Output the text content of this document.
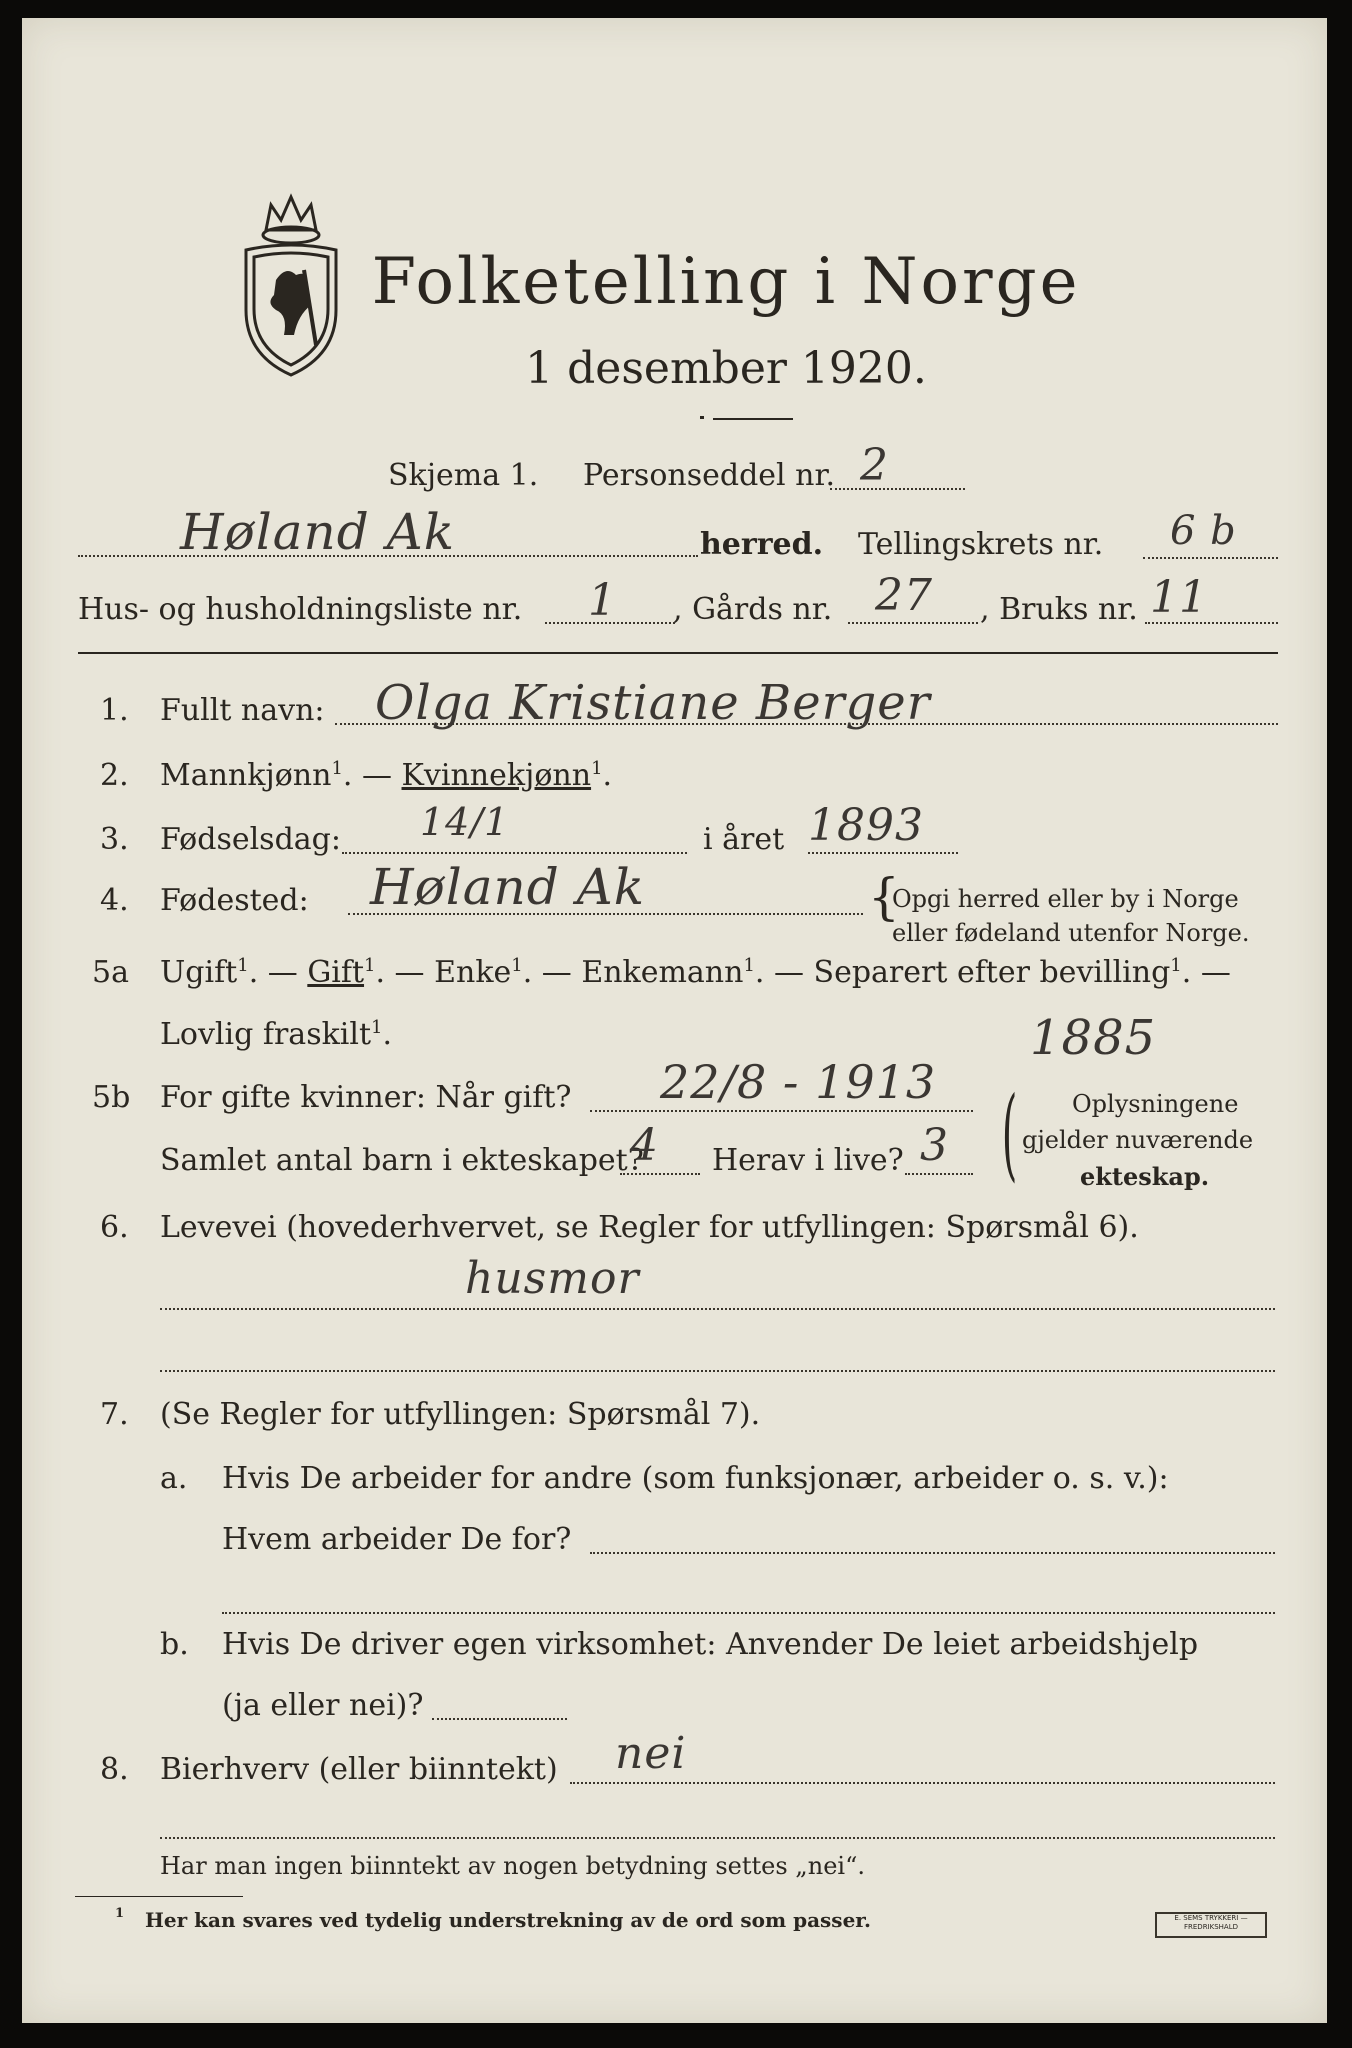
Folketelling i Norge
1 desember 1920.
Skjema 1. Personseddel nr. 2
Høland Ak	herred. Tellingskrets nr. 6 b
Hus- og husholdningsliste nr. 1 , Gårds nr. 27 , Bruks nr. 11
1. Fullt navn: Olga Kristiane Berger
2. Mannkjønn$^1$. — Kvinnekjønn$^1$.
3. Fødselsdag: 14/1	i året 1893
4. Fødested: Høland Ak	{
Opgi herred eller by i Norge
eller fødeland utenfor Norge.
5a Ugift$^1$. — Gift$^1$. — Enke$^1$. — Enkemann$^1$. — Separert efter bevilling$^1$. —
Lovlig fraskilt$^1$.
5b For gifte kvinner: Når gift? 22/8 - 1913
Samlet antal barn i ekteskapet?
4 Herav i live? 3
1885
( Oplysningene
gjelder nuværende
ekteskap.
6. Levevei (hovederhvervet, se Regler for utfyllingen: Spørsmål 6).
husmor
7. (Se Regler for utfyllingen: Spørsmål 7).
a. Hvis De arbeider for andre (som funksjonær, arbeider o. s. v.):
Hvem arbeider De for?
b. Hvis De driver egen virksomhet: Anvender De leiet arbeidshjelp
(ja eller nei)?
8. Bierhverv (eller biinntekt) nei
Har man ingen biinntekt av nogen betydning settes „nei“.
1 Her kan svares ved tydelig understrekning av de ord som passer.	E. SEMS TRYKKERI — FREDRIKSHALD
